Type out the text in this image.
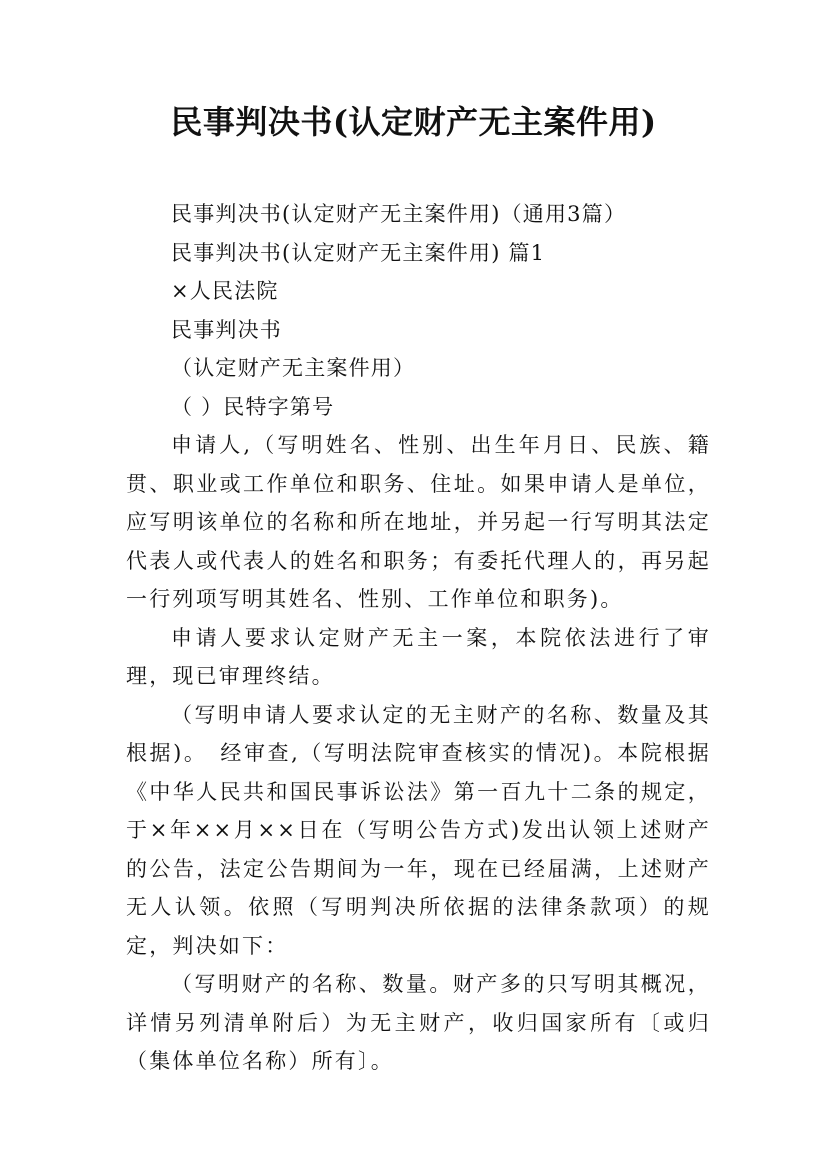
民事判决书(认定财产无主案件用)

民事判决书(认定财产无主案件用)（通用3篇）

民事判决书(认定财产无主案件用) 篇1

×人民法院

民事判决书

（认定财产无主案件用）

（ ）民特字第号

申请人,（写明姓名、性别、出生年月日、民族、籍贯、职业或工作单位和职务、住址。如果申请人是单位，应写明该单位的名称和所在地址，并另起一行写明其法定代表人或代表人的姓名和职务；有委托代理人的，再另起一行列项写明其姓名、性别、工作单位和职务)。

申请人要求认定财产无主一案，本院依法进行了审理，现已审理终结。

（写明申请人要求认定的无主财产的名称、数量及其根据)。　经审查,（写明法院审查核实的情况)。本院根据《中华人民共和国民事诉讼法》第一百九十二条的规定，于×年××月××日在（写明公告方式)发出认领上述财产的公告，法定公告期间为一年，现在已经届满，上述财产无人认领。依照（写明判决所依据的法律条款项）的规定，判决如下：

（写明财产的名称、数量。财产多的只写明其概况，详情另列清单附后）为无主财产，收归国家所有〔或归（集体单位名称）所有〕。
